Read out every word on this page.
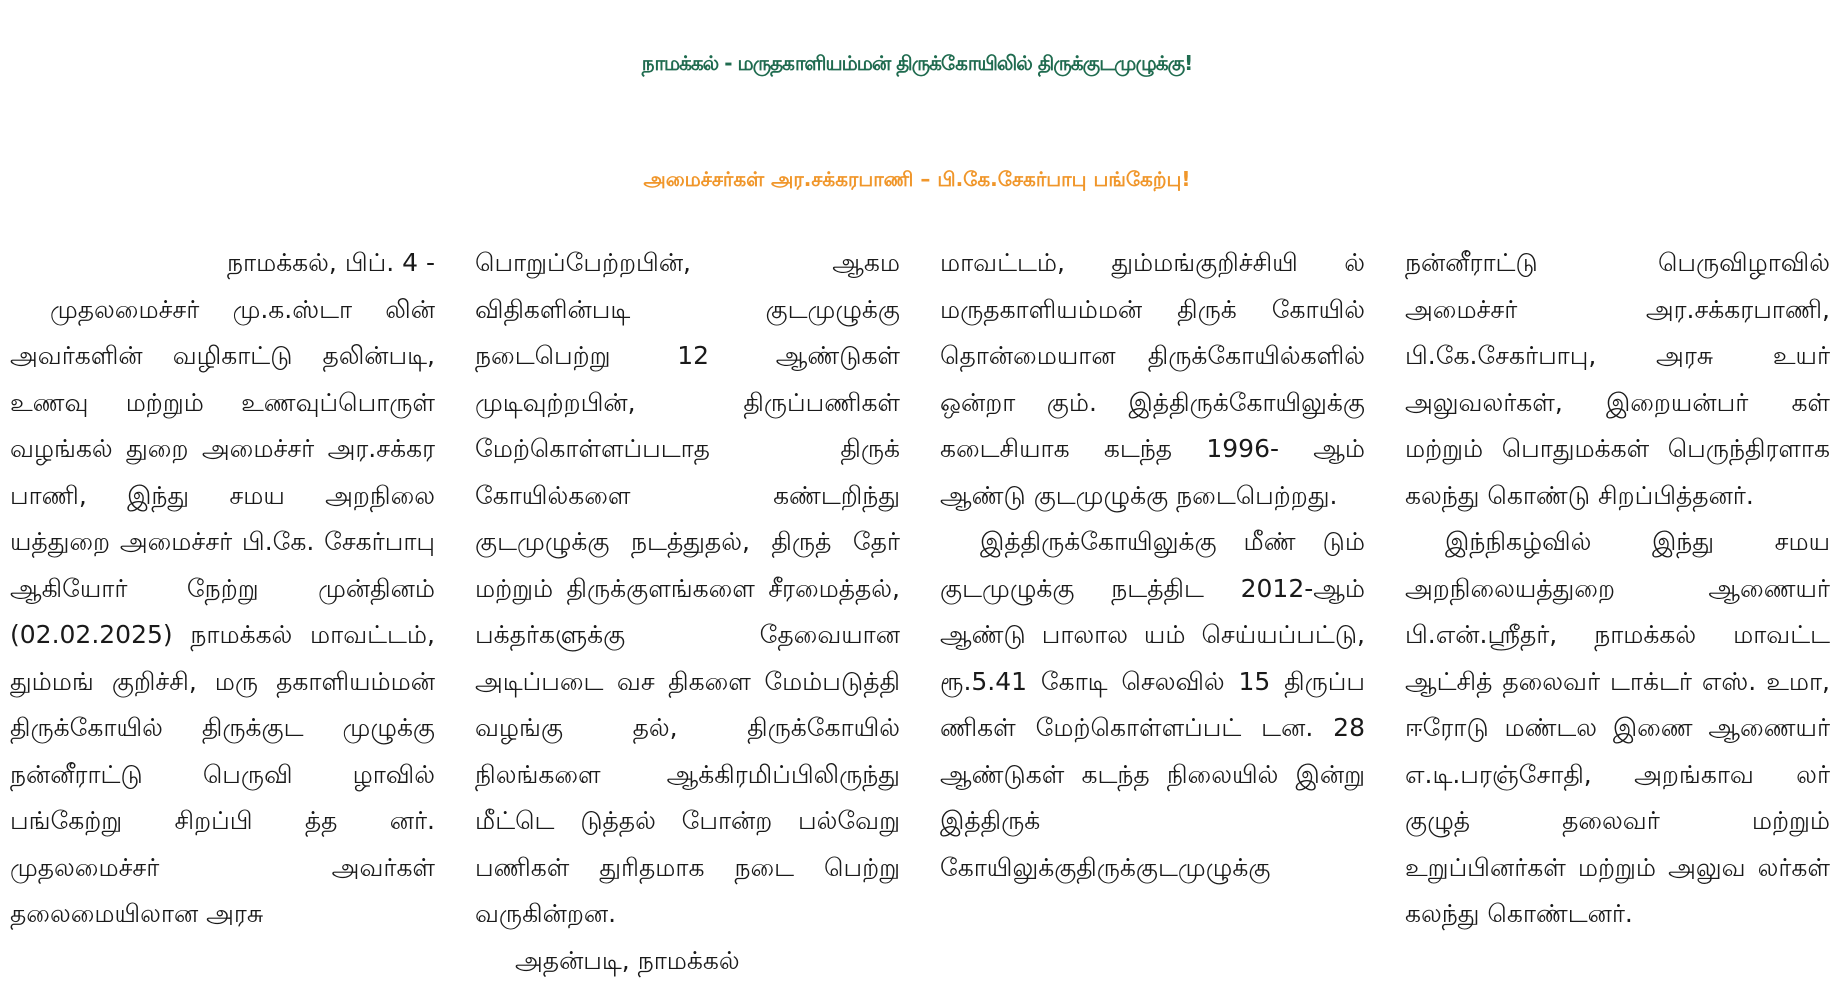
நாமக்கல் - மருதகாளியம்மன் திருக்கோயிலில் திருக்குடமுழுக்கு!
அமைச்சர்கள் அர.சக்கரபாணி – பி.கே.சேகர்பாபு பங்கேற்பு!
நாமக்கல், பிப். 4 -

முதலமைச்சர் மு.க.ஸ்டா லின் அவர்களின் வழிகாட்டு தலின்படி, உணவு மற்றும் உணவுப்பொருள் வழங்கல் துறை அமைச்சர் அர.சக்கர பாணி, இந்து சமய அறநிலை யத்துறை அமைச்சர் பி.கே. சேகர்பாபு ஆகியோர் நேற்று முன்தினம் (02.02.2025) நாமக்கல் மாவட்டம், தும்மங் குறிச்சி, மரு தகாளியம்மன் திருக்கோயில் திருக்குட முழுக்கு நன்னீராட்டு பெருவி ழாவில் பங்கேற்று சிறப்பி த்த னர். முதலமைச்சர் அவர்கள் தலைமையிலான அரசு

பொறுப்பேற்றபின், ஆகம விதிகளின்படி குடமுழுக்கு நடைபெற்று 12 ஆண்டுகள் முடிவுற்றபின், திருப்பணிகள் மேற்கொள்ளப்படாத திருக் கோயில்களை கண்டறிந்து குடமுழுக்கு நடத்துதல், திருத் தேர் மற்றும் திருக்குளங்களை சீரமைத்தல், பக்தர்களுக்கு தேவையான அடிப்படை வச திகளை மேம்படுத்தி வழங்கு தல், திருக்கோயில் நிலங்களை ஆக்கிரமிப்பிலிருந்து மீட்டெ டுத்தல் போன்ற பல்வேறு பணிகள் துரிதமாக நடை பெற்று வருகின்றன.

அதன்படி, நாமக்கல்

மாவட்டம், தும்மங்குறிச்சியி ல் மருதகாளியம்மன் திருக் கோயில் தொன்மையான திருக்கோயில்களில் ஒன்றா கும். இத்திருக்கோயிலுக்கு கடைசியாக கடந்த 1996- ஆம் ஆண்டு குடமுழுக்கு நடைபெற்றது.

இத்திருக்கோயிலுக்கு மீண் டும் குடமுழுக்கு நடத்திட 2012-ஆம் ஆண்டு பாலால யம் செய்யப்பட்டு, ரூ.5.41 கோடி செலவில் 15 திருப்ப ணிகள் மேற்கொள்ளப்பட் டன. 28 ஆண்டுகள் கடந்த நிலையில் இன்று இத்திருக் கோயிலுக்குதிருக்குடமுழுக்கு

நன்னீராட்டு பெருவிழாவில் அமைச்சர் அர.சக்கரபாணி, பி.கே.சேகர்பாபு, அரசு உயர் அலுவலர்கள், இறையன்பர் கள் மற்றும் பொதுமக்கள் பெருந்திரளாக கலந்து கொண்டு சிறப்பித்தனர்.

இந்நிகழ்வில் இந்து சமய அறநிலையத்துறை ஆணையர் பி.என்.ஸ்ரீதர், நாமக்கல் மாவட்ட ஆட்சித் தலைவர் டாக்டர் எஸ். உமா, ஈரோடு மண்டல இணை ஆணையர் எ.டி.பரஞ்சோதி, அறங்காவ லர் குழுத் தலைவர் மற்றும் உறுப்பினர்கள் மற்றும் அலுவ லர்கள் கலந்து கொண்டனர்.
